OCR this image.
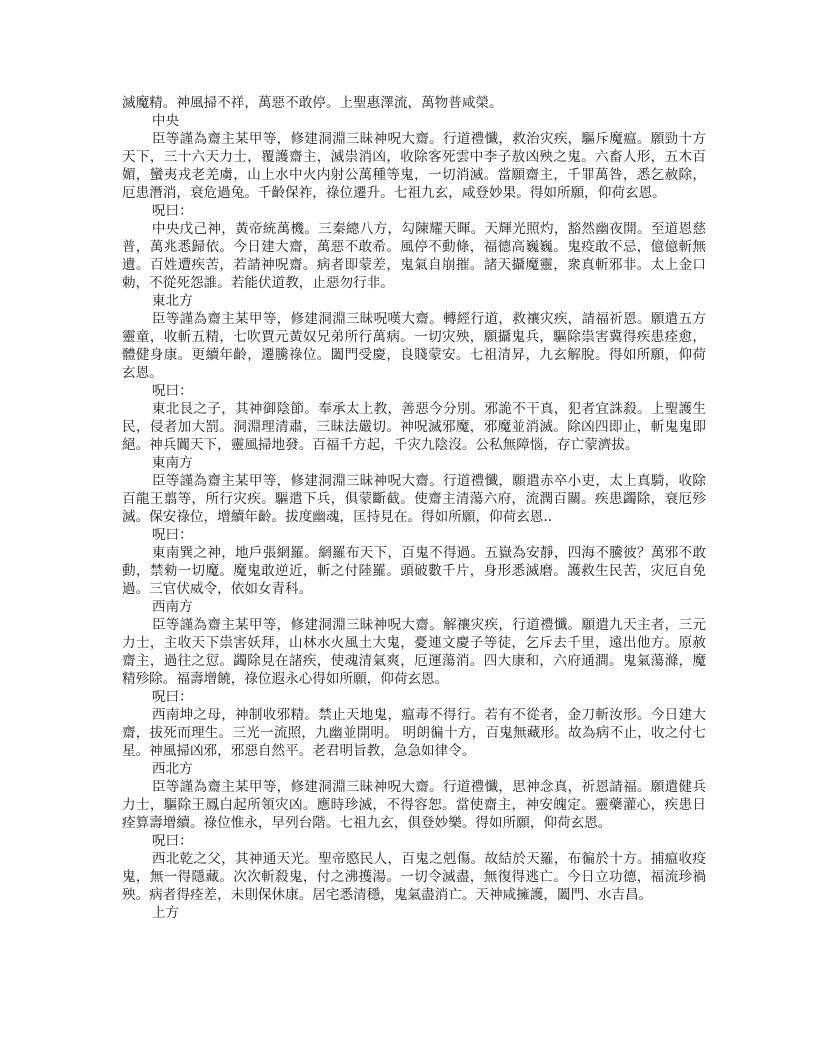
滅魔精。神風掃不祥，萬惡不敢停。上聖惠澤流，萬物普咸榮。

中央

臣等謹為齋主某甲等，修建洞淵三昧神呪大齋。行道禮懺，救治灾疾，驅斥魔瘟。願勁十方天下，三十六天力士，覆護齋主，滅祟消凶，收除客死雲中李子敖凶殃之鬼。六畜人形，五木百媚，蠻夷戎老羌虜，山上水中火内射公萬種等鬼，一切消滅。當願齋主，千罪萬咎，悉乞赦除，厄患潛消，衰危過兔。千齡保祚，祿位遷升。七祖九玄，咸登妙果。得如所願，仰荷玄恩。

呪曰：

中央戊己神，黃帝統萬機。三秦總八方，勾陳耀天暉。天輝光照灼，豁然幽夜開。至道恩慈普，萬兆悉歸依。今日建大齋，萬惡不敢希。風停不動條，福德高巍巍。鬼疫敢不忌，億億斬無遺。百姓遭疾苦，若請神呪齋。病者即蒙差，鬼氣自崩摧。諸天攝魔靈，衆真斬邪非。太上金口勅，不從死怨誰。若能伏道教，止惡勿行非。

東北方

臣等謹為齋主某甲等，修建洞淵三昧呪嘆大齋。轉經行道，救禳灾疾，請福祈恩。願遣五方靈童，收斬五精，七吹賈元黃奴兄弟所行萬病。一切灾殃，願攝鬼兵，驅除祟害冀得疾患痊愈，體健身康。更續年齡，遷騰祿位。闔門受慶，良賤蒙安。七祖清昇，九玄解脫。得如所願，仰荷玄恩。

呪曰：

東北艮之子，其神御陰節。奉承太上教，善惡今分別。邪詭不干真，犯者宜誅殺。上聖護生民，侵者加大罰。洞淵理清肅，三昧法嚴切。神呪滅邪魔，邪魔並消滅。除凶四即止，斬鬼鬼即絕。神兵闐天下，靈風掃地發。百福千方起，千灾九陰沒。公私無障惱，存亡蒙濟拔。

東南方

臣等謹為齋主某甲等，修建洞淵三昧神呪大齋。行道禮懺，願遣赤卒小吏，太上真騎，收除百龍王翦等，所行灾疾。驅遣下兵，俱蒙斷截。使齋主清蕩六府，流潤百關。疾患蠲除，衰厄殄滅。保安祿位，增續年齡。拔度幽魂，匡持見在。得如所願，仰荷玄恩..

呪曰：

東南巽之神，地戶張網羅。網羅布天下，百鬼不得過。五嶽為安靜，四海不騰彼？萬邪不敢動，禁勑一切魔。魔鬼敢逆近，斬之付陸羅。頭破數千片，身形悉滅磨。護救生民苦，灾厄自免過。三官伏威令，依如女青科。

西南方

臣等謹為齋主某甲等，修建洞淵三昧神呪大齋。解禳灾疾，行道禮懺。願遣九天主者，三元力士，主收天下祟害妖拜，山林水火風土大鬼，憂連文慶子等徒，乞斥去千里，遠出他方。原赦齋主，過往之愆。蠲除見在諸疾，使魂清氣爽，厄運蕩消。四大康和，六府通澗。鬼氣蕩滌，魔精殄除。福壽增饒，祿位遐永心得如所願，仰荷玄恩。

呪曰：

西南坤之母，神制收邪精。禁止天地鬼，瘟毒不得行。若有不從者，金刀斬汝形。今日建大齋，拔死而理生。三光一流照，九幽並開明。 明朗徧十方，百鬼無藏形。故為病不止，收之付七星。神風掃凶邪，邪惡自然平。老君明旨教，急急如律令。

西北方

臣等謹為齋主某甲等，修建洞淵三昧神呪大齋。行道禮懺，思神念真，祈恩請福。願遣健兵力士，驅除王鳳白起所領灾凶。應時珍滅，不得容恕。當使齋主，神安魄定。靈藥灌心，疾患日痊算壽增續。祿位惟永，早列台階。七祖九玄，俱登妙樂。得如所願，仰荷玄恩。

呪曰：

西北乾之父，其神通天光。聖帝愍民人，百鬼之剋傷。故結於天羅，布徧於十方。捕瘟收疫鬼，無一得隱藏。次次斬殺鬼，付之沸擭湯。一切令滅盡，無復得逃亡。今日立功德，福流珍禍殃。病者得痊差，未則保休康。居宅悉清穩，鬼氣盡消亡。天神咸擁護，闔門、水吉昌。

上方
